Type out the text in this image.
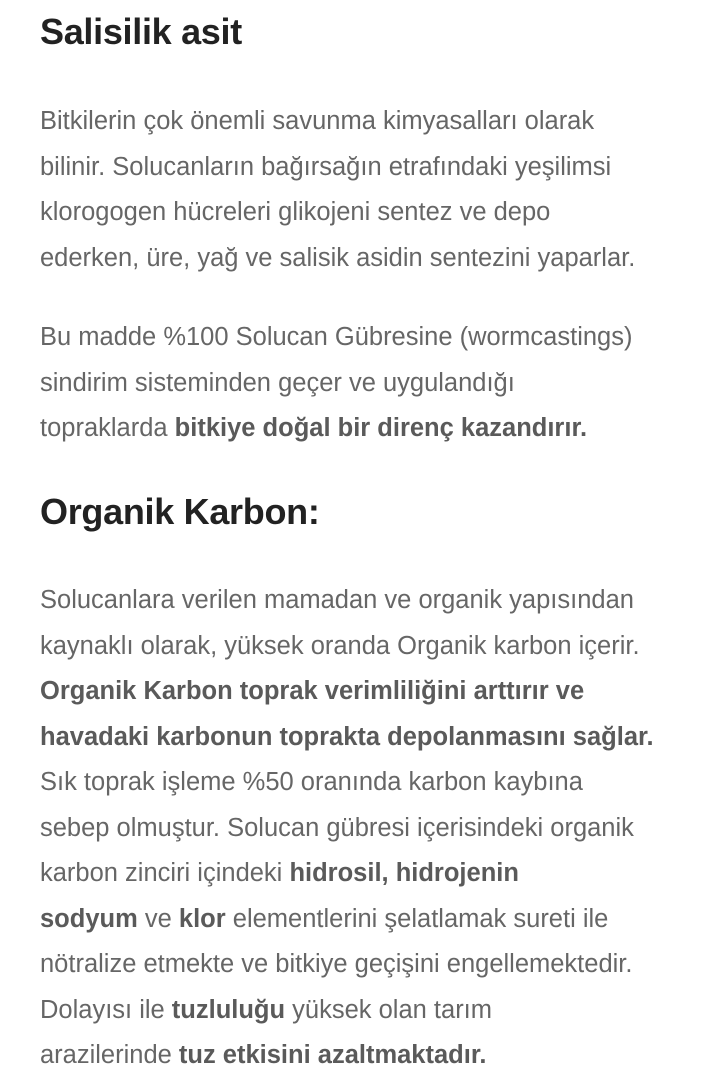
Salisilik asit

Bitkilerin çok önemli savunma kimyasalları olarak
bilinir. Solucanların bağırsağın etrafındaki yeşilimsi
klorogogen hücreleri glikojeni sentez ve depo
ederken, üre, yağ ve salisik asidin sentezini yaparlar.

Bu madde %100 Solucan Gübresine (wormcastings)
sindirim sisteminden geçer ve uygulandığı
topraklarda bitkiye doğal bir direnç kazandırır.

Organik Karbon:

Solucanlara verilen mamadan ve organik yapısından
kaynaklı olarak, yüksek oranda Organik karbon içerir.
Organik Karbon toprak verimliliğini arttırır ve
havadaki karbonun toprakta depolanmasını sağlar.
Sık toprak işleme %50 oranında karbon kaybına
sebep olmuştur. Solucan gübresi içerisindeki organik
karbon zinciri içindeki hidrosil, hidrojenin
sodyum ve klor elementlerini şelatlamak sureti ile
nötralize etmekte ve bitkiye geçişini engellemektedir.
Dolayısı ile tuzluluğu yüksek olan tarım
arazilerinde tuz etkisini azaltmaktadır.
